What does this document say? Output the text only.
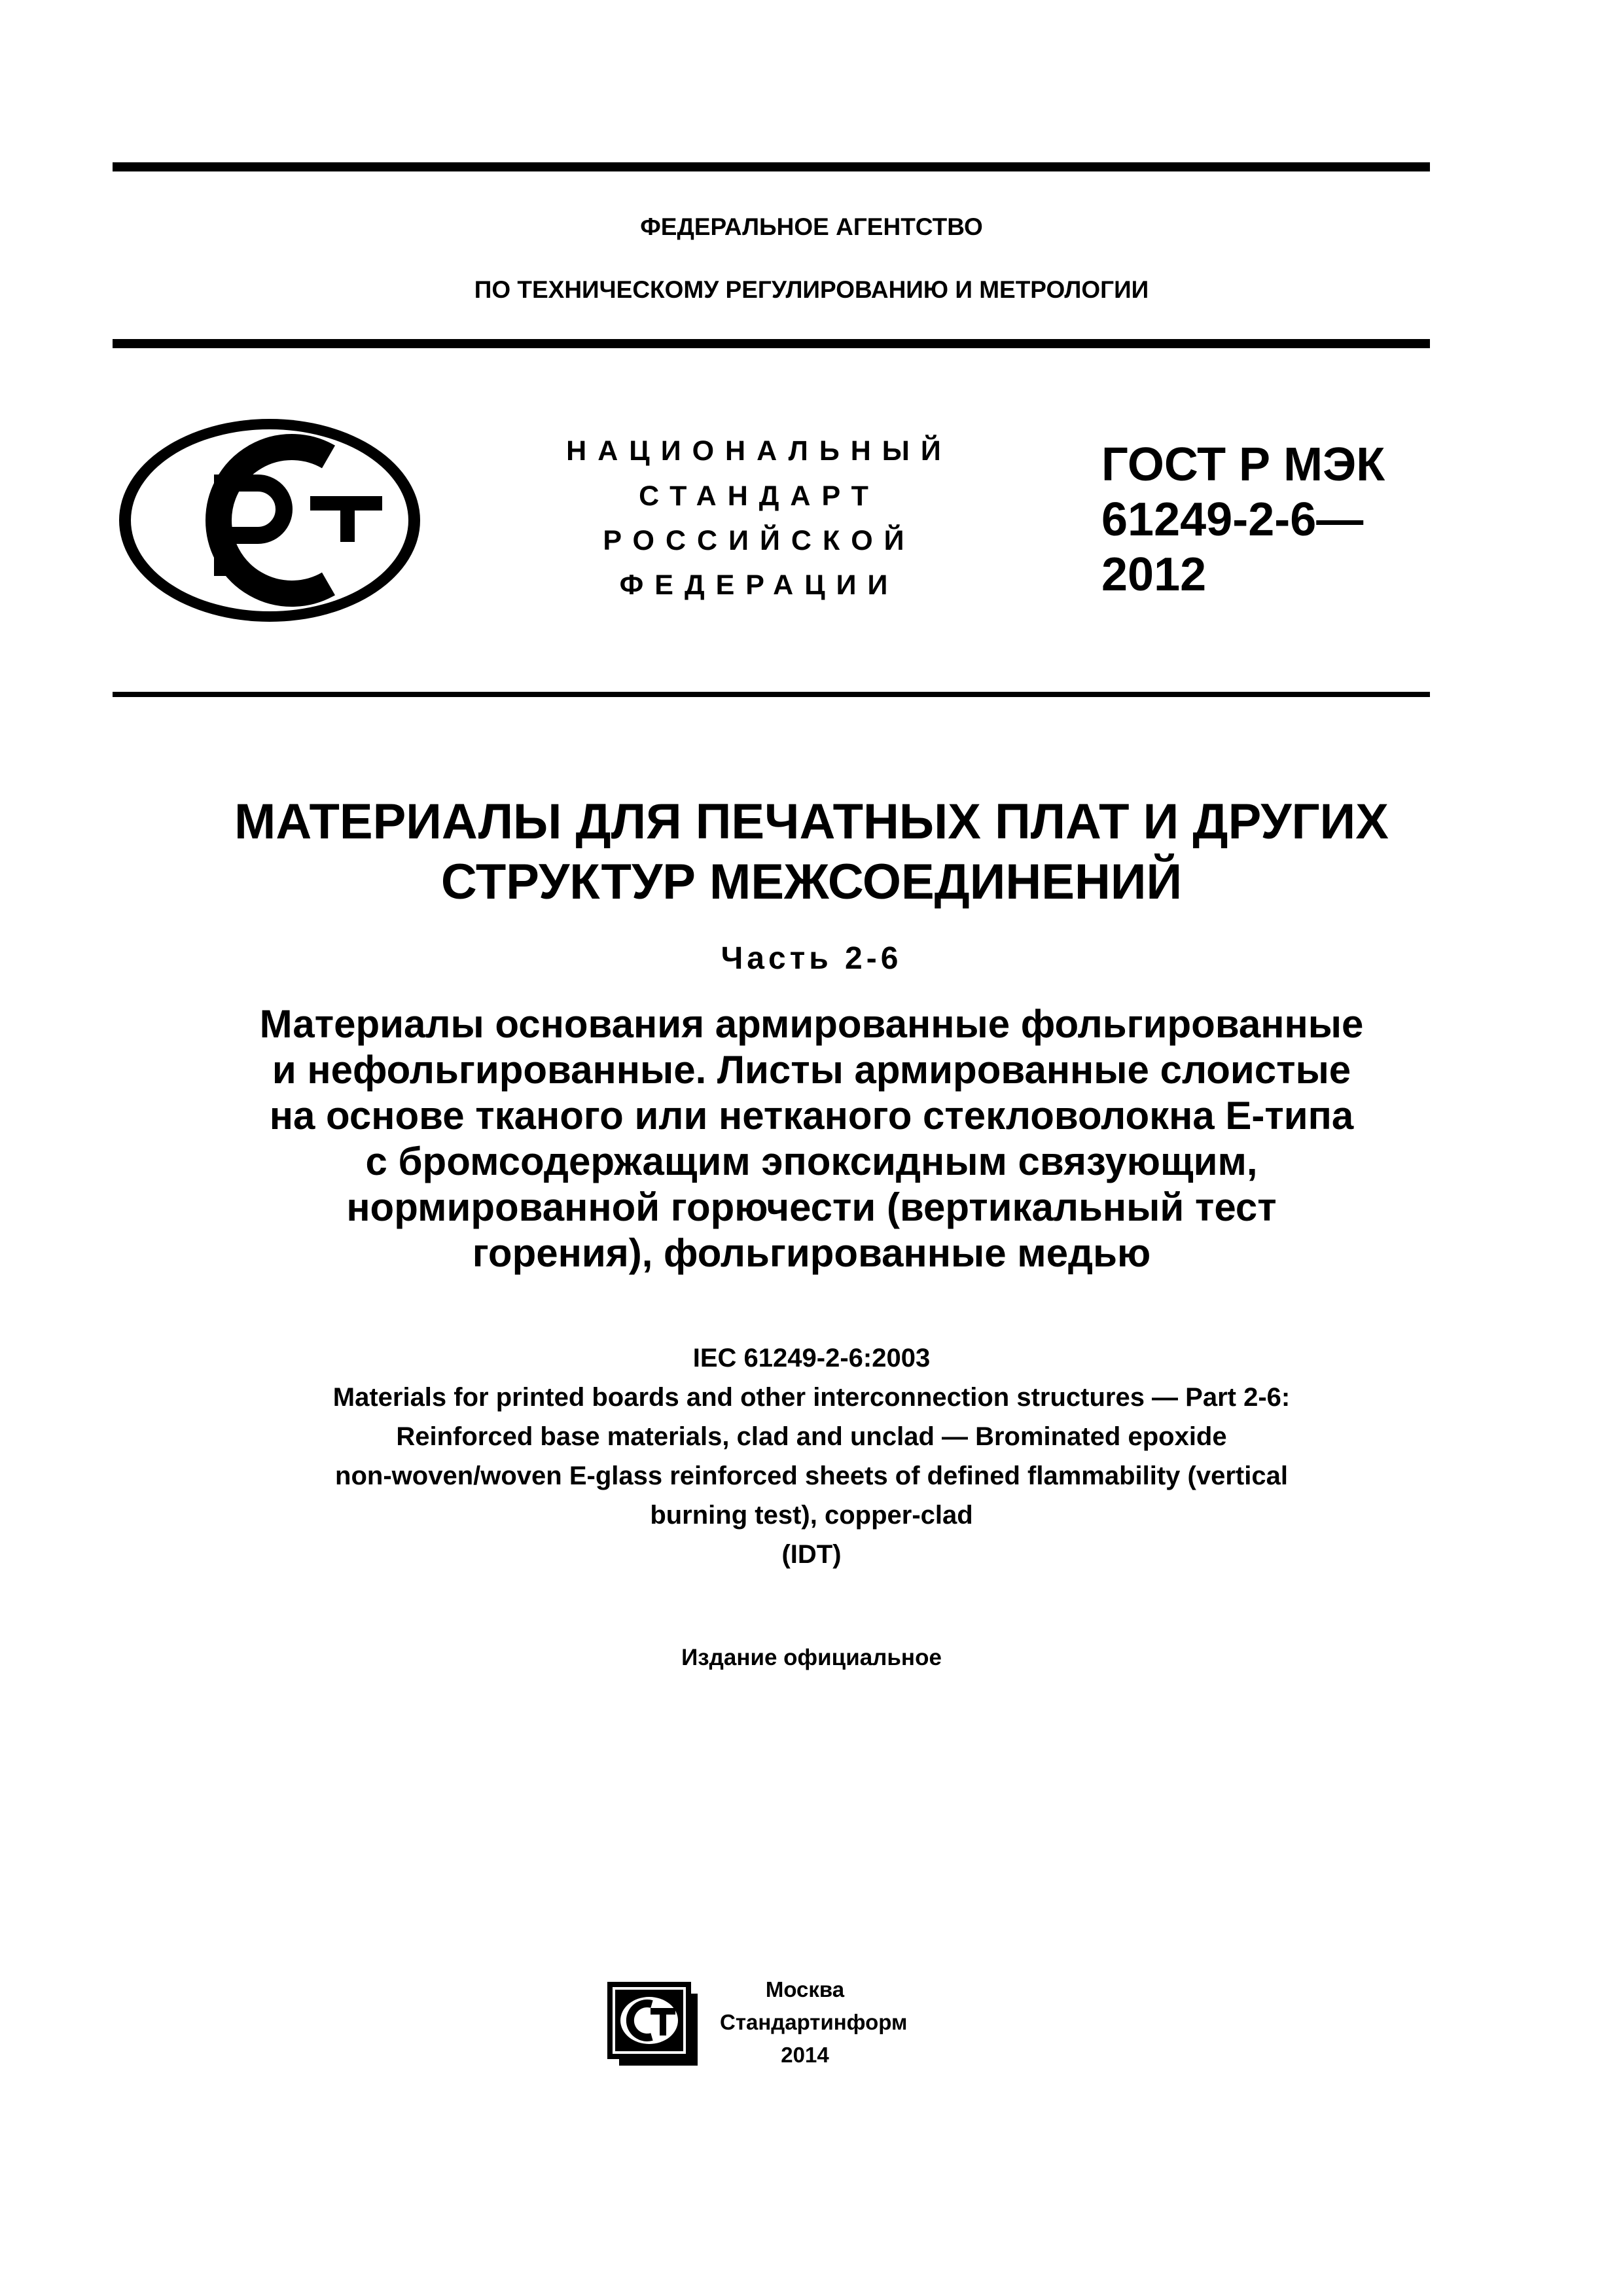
ФЕДЕРАЛЬНОЕ АГЕНТСТВО
ПО ТЕХНИЧЕСКОМУ РЕГУЛИРОВАНИЮ И МЕТРОЛОГИИ
НАЦИОНАЛЬНЫЙ
СТАНДАРТ
РОССИЙСКОЙ
ФЕДЕРАЦИИ
ГОСТ Р МЭК
61249-2-6—
2012
МАТЕРИАЛЫ ДЛЯ ПЕЧАТНЫХ ПЛАТ И ДРУГИХ
СТРУКТУР МЕЖСОЕДИНЕНИЙ
Часть 2-6
Материалы основания армированные фольгированные
и нефольгированные. Листы армированные слоистые
на основе тканого или нетканого стекловолокна Е-типа
с бромсодержащим эпоксидным связующим,
нормированной горючести (вертикальный тест
горения), фольгированные медью
IEC 61249-2-6:2003
Materials for printed boards and other interconnection structures — Part 2-6:
Reinforced base materials, clad and unclad — Brominated epoxide
non-woven/woven E-glass reinforced sheets of defined flammability (vertical
burning test), copper-clad
(IDT)
Издание официальное
Москва
Стандартинформ
2014
